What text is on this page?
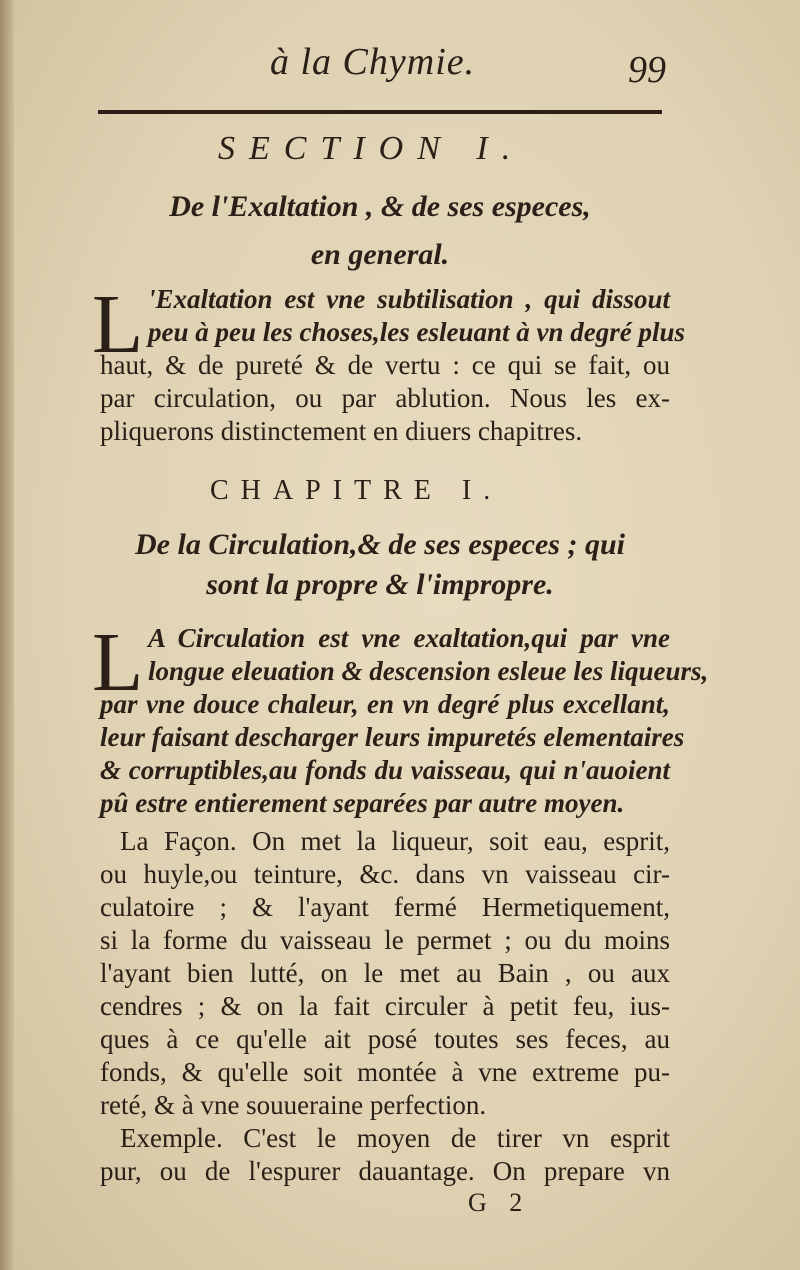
à la Chymie.	99
SECTION I.
De l'Exaltation , & de ses especes,
en general.
L 'Exaltation est vne subtilisation , qui dissout
peu à peu les choses,les esleuant à vn degré plus
haut, & de pureté & de vertu : ce qui se fait, ou
par circulation, ou par ablution. Nous les ex-
pliquerons distinctement en diuers chapitres.
CHAPITRE I.
De la Circulation,& de ses especes ; qui
sont la propre & l'impropre.
L A Circulation est vne exaltation,qui par vne
longue eleuation & descension esleue les liqueurs,
par vne douce chaleur, en vn degré plus excellant,
leur faisant descharger leurs impuretés elementaires
& corruptibles,au fonds du vaisseau, qui n'auoient
pû estre entierement separées par autre moyen.
La Façon. On met la liqueur, soit eau, esprit,
ou huyle,ou teinture, &c. dans vn vaisseau cir-
culatoire ; & l'ayant fermé Hermetiquement,
si la forme du vaisseau le permet ; ou du moins
l'ayant bien lutté, on le met au Bain , ou aux
cendres ; & on la fait circuler à petit feu, ius-
ques à ce qu'elle ait posé toutes ses feces, au
fonds, & qu'elle soit montée à vne extreme pu-
reté, & à vne souueraine perfection.
Exemple. C'est le moyen de tirer vn esprit
pur, ou de l'espurer dauantage. On prepare vn
G 2
